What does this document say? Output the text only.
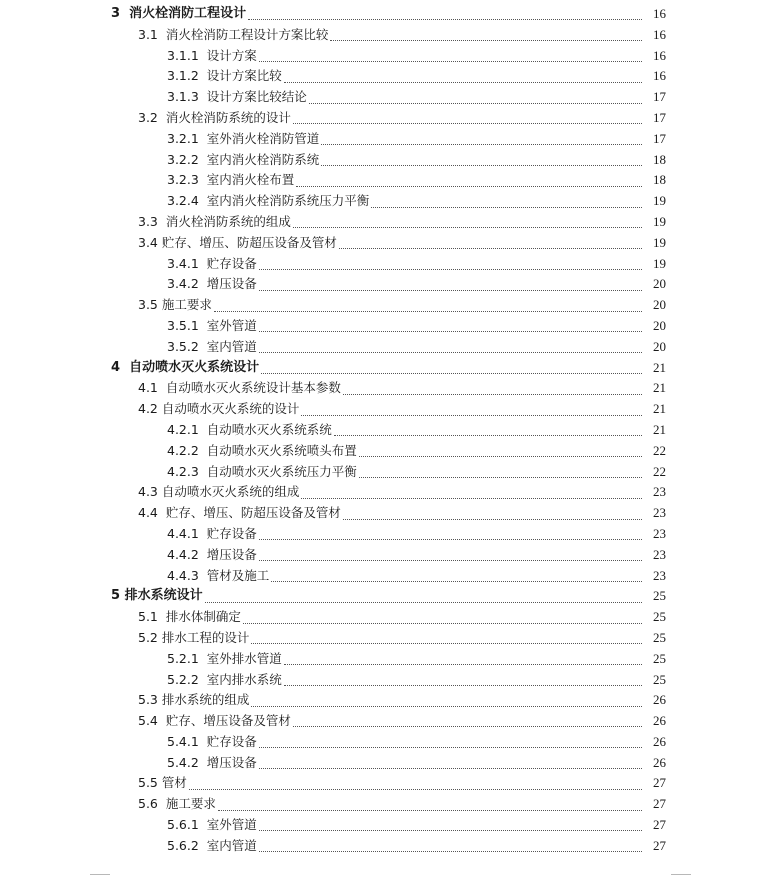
3  消火栓消防工程设计	16
3.1  消火栓消防工程设计方案比较	16
3.1.1  设计方案	16
3.1.2  设计方案比较	16
3.1.3  设计方案比较结论	17
3.2  消火栓消防系统的设计	17
3.2.1  室外消火栓消防管道	17
3.2.2  室内消火栓消防系统	18
3.2.3  室内消火栓布置	18
3.2.4  室内消火栓消防系统压力平衡	19
3.3  消火栓消防系统的组成	19
3.4 贮存、增压、防超压设备及管材	19
3.4.1  贮存设备	19
3.4.2  增压设备	20
3.5 施工要求	20
3.5.1  室外管道	20
3.5.2  室内管道	20
4  自动喷水灭火系统设计	21
4.1  自动喷水灭火系统设计基本参数	21
4.2 自动喷水灭火系统的设计	21
4.2.1  自动喷水灭火系统系统	21
4.2.2  自动喷水灭火系统喷头布置	22
4.2.3  自动喷水灭火系统压力平衡	22
4.3 自动喷水灭火系统的组成	23
4.4  贮存、增压、防超压设备及管材	23
4.4.1  贮存设备	23
4.4.2  增压设备	23
4.4.3  管材及施工	23
5 排水系统设计	25
5.1  排水体制确定	25
5.2 排水工程的设计	25
5.2.1  室外排水管道	25
5.2.2  室内排水系统	25
5.3 排水系统的组成	26
5.4  贮存、增压设备及管材	26
5.4.1  贮存设备	26
5.4.2  增压设备	26
5.5 管材	27
5.6  施工要求	27
5.6.1  室外管道	27
5.6.2  室内管道	27
